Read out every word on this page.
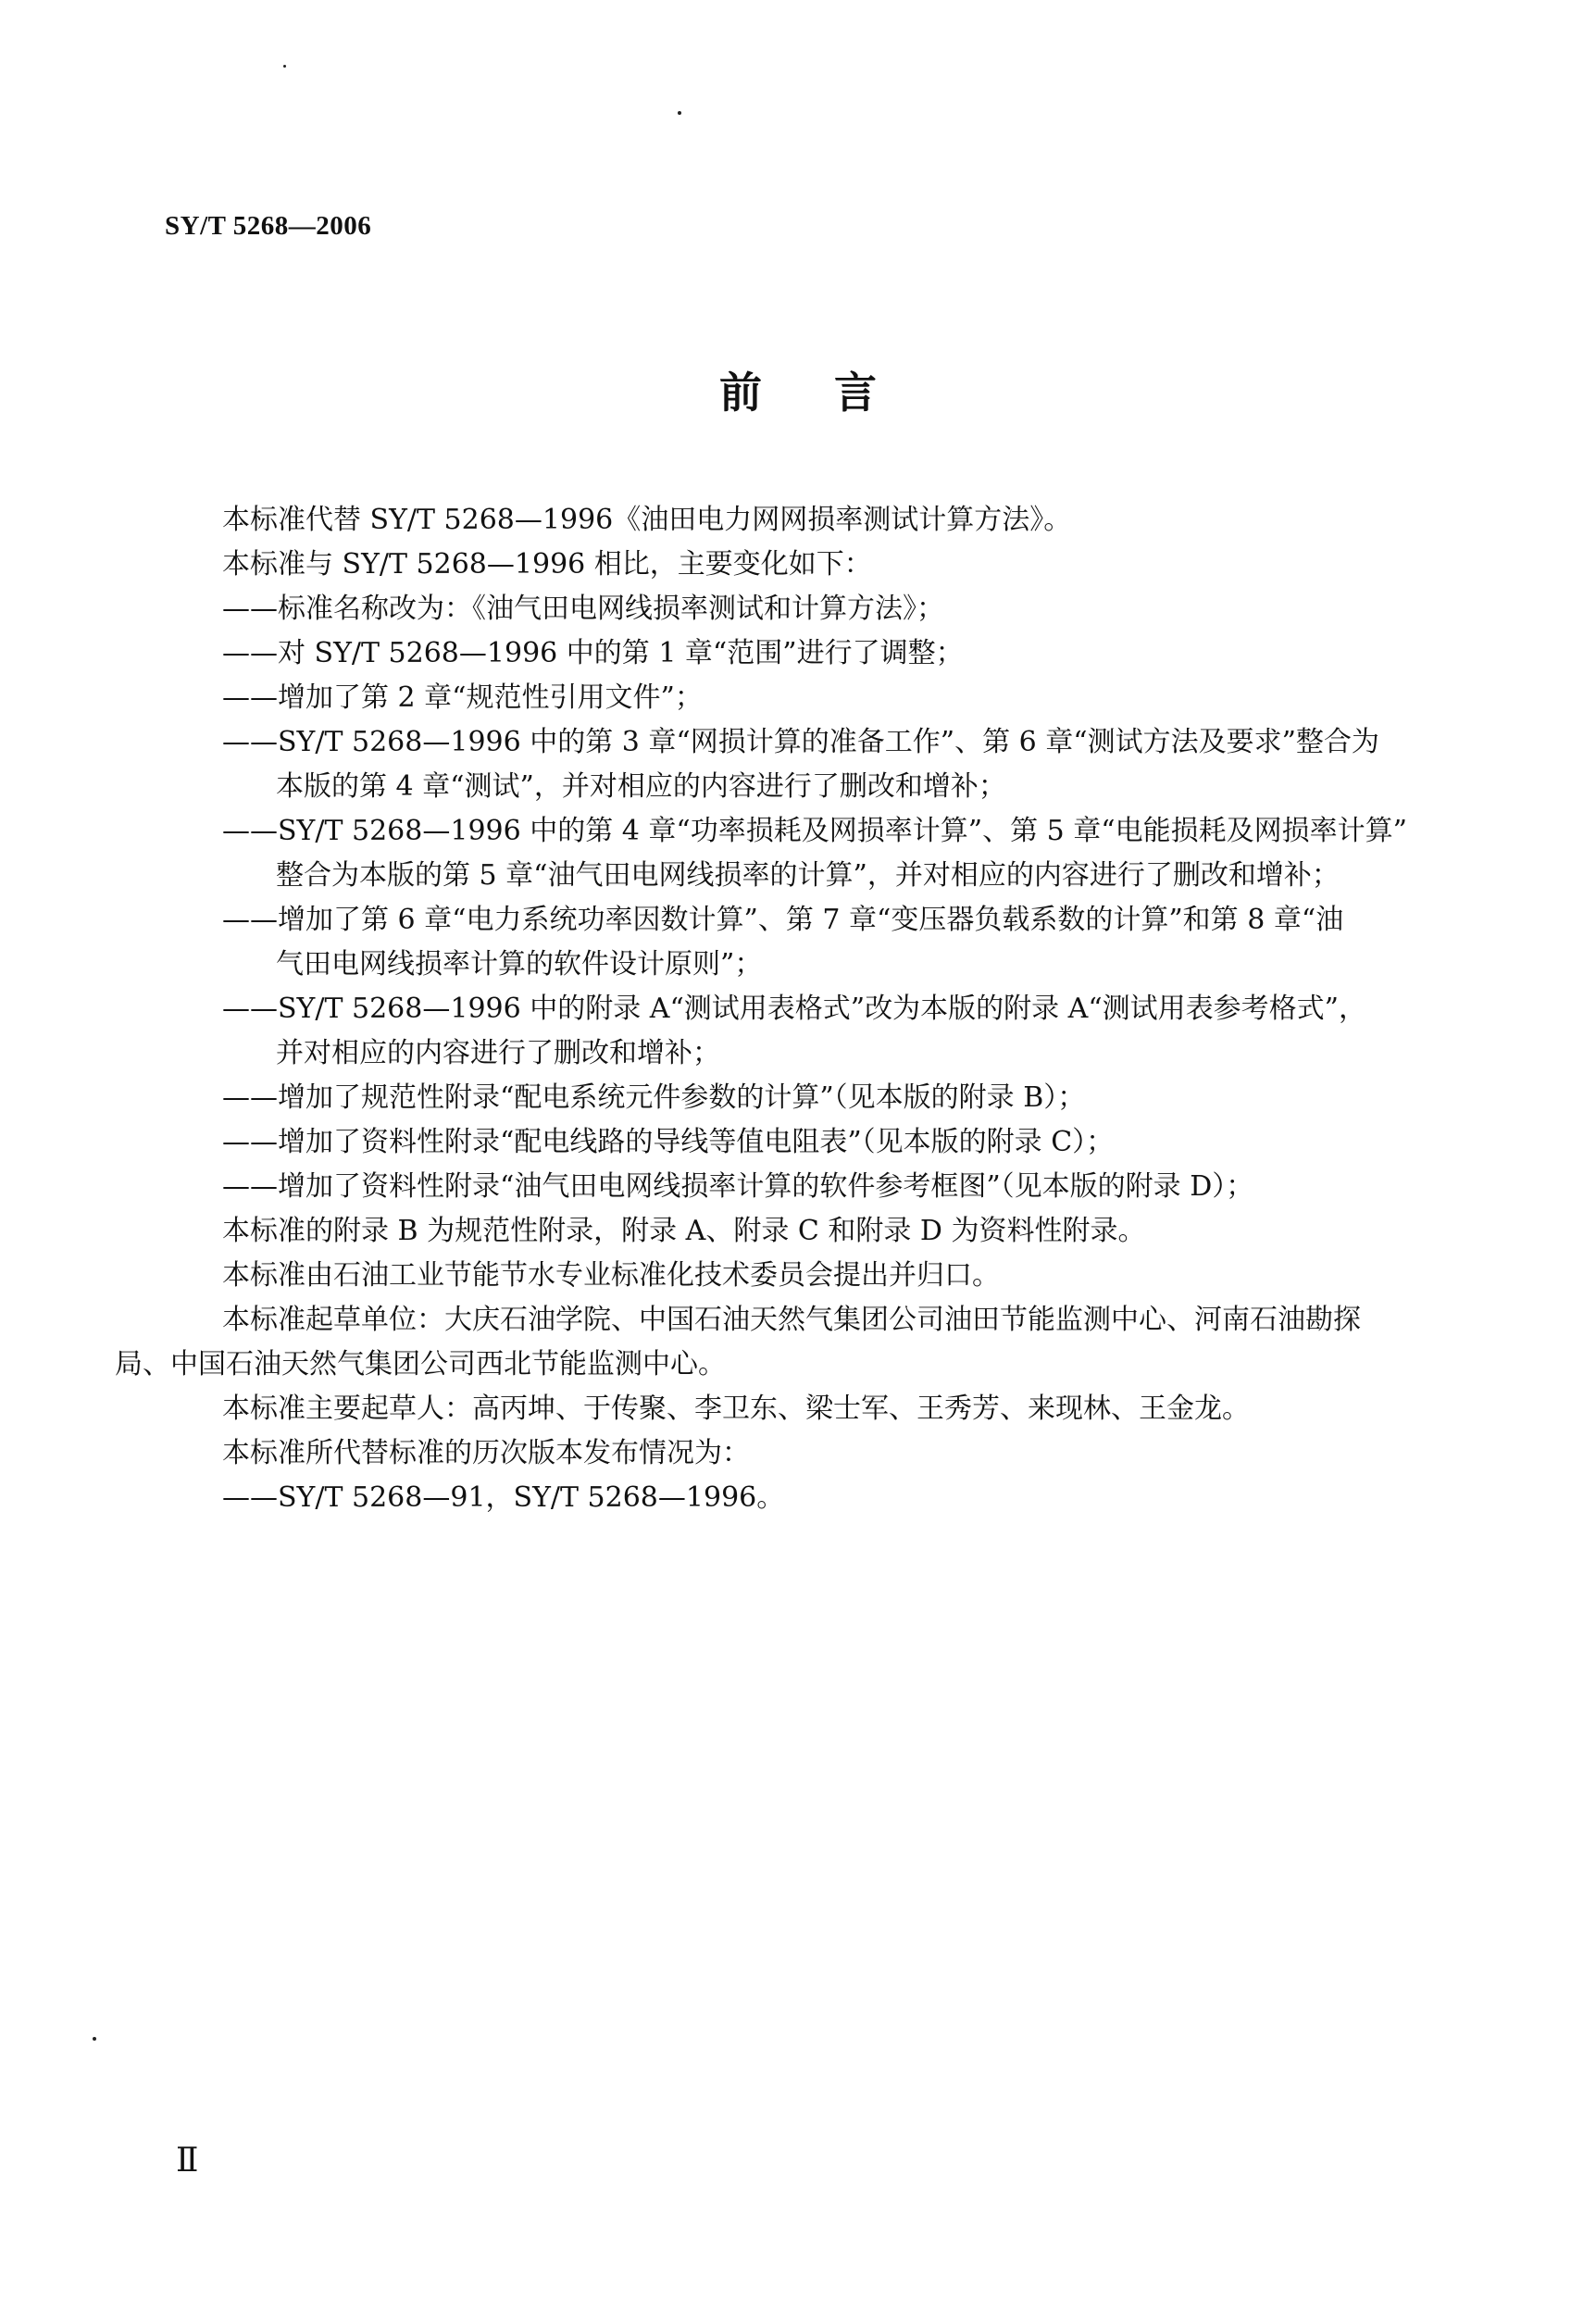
SY/T 5268—2006
前言

本标准代替 SY/T 5268—1996《油田电力网网损率测试计算方法》。

本标准与 SY/T 5268—1996 相比，主要变化如下：

——标准名称改为：《油气田电网线损率测试和计算方法》；

——对 SY/T 5268—1996 中的第 1 章“范围”进行了调整；

——增加了第 2 章“规范性引用文件”；

——SY/T 5268—1996 中的第 3 章“网损计算的准备工作”、第 6 章“测试方法及要求”整合为
本版的第 4 章“测试”，并对相应的内容进行了删改和增补；

——SY/T 5268—1996 中的第 4 章“功率损耗及网损率计算”、第 5 章“电能损耗及网损率计算”
整合为本版的第 5 章“油气田电网线损率的计算”，并对相应的内容进行了删改和增补；

——增加了第 6 章“电力系统功率因数计算”、第 7 章“变压器负载系数的计算”和第 8 章“油
气田电网线损率计算的软件设计原则”；

——SY/T 5268—1996 中的附录 A“测试用表格式”改为本版的附录 A“测试用表参考格式”，
并对相应的内容进行了删改和增补；

——增加了规范性附录“配电系统元件参数的计算”（见本版的附录 B）；

——增加了资料性附录“配电线路的导线等值电阻表”（见本版的附录 C）；

——增加了资料性附录“油气田电网线损率计算的软件参考框图”（见本版的附录 D）；

本标准的附录 B 为规范性附录，附录 A、附录 C 和附录 D 为资料性附录。

本标准由石油工业节能节水专业标准化技术委员会提出并归口。

本标准起草单位：大庆石油学院、中国石油天然气集团公司油田节能监测中心、河南石油勘探局、中国石油天然气集团公司西北节能监测中心。

本标准主要起草人：高丙坤、于传聚、李卫东、梁士军、王秀芳、来现林、王金龙。

本标准所代替标准的历次版本发布情况为：

——SY/T 5268—91，SY/T 5268—1996。

Ⅱ
